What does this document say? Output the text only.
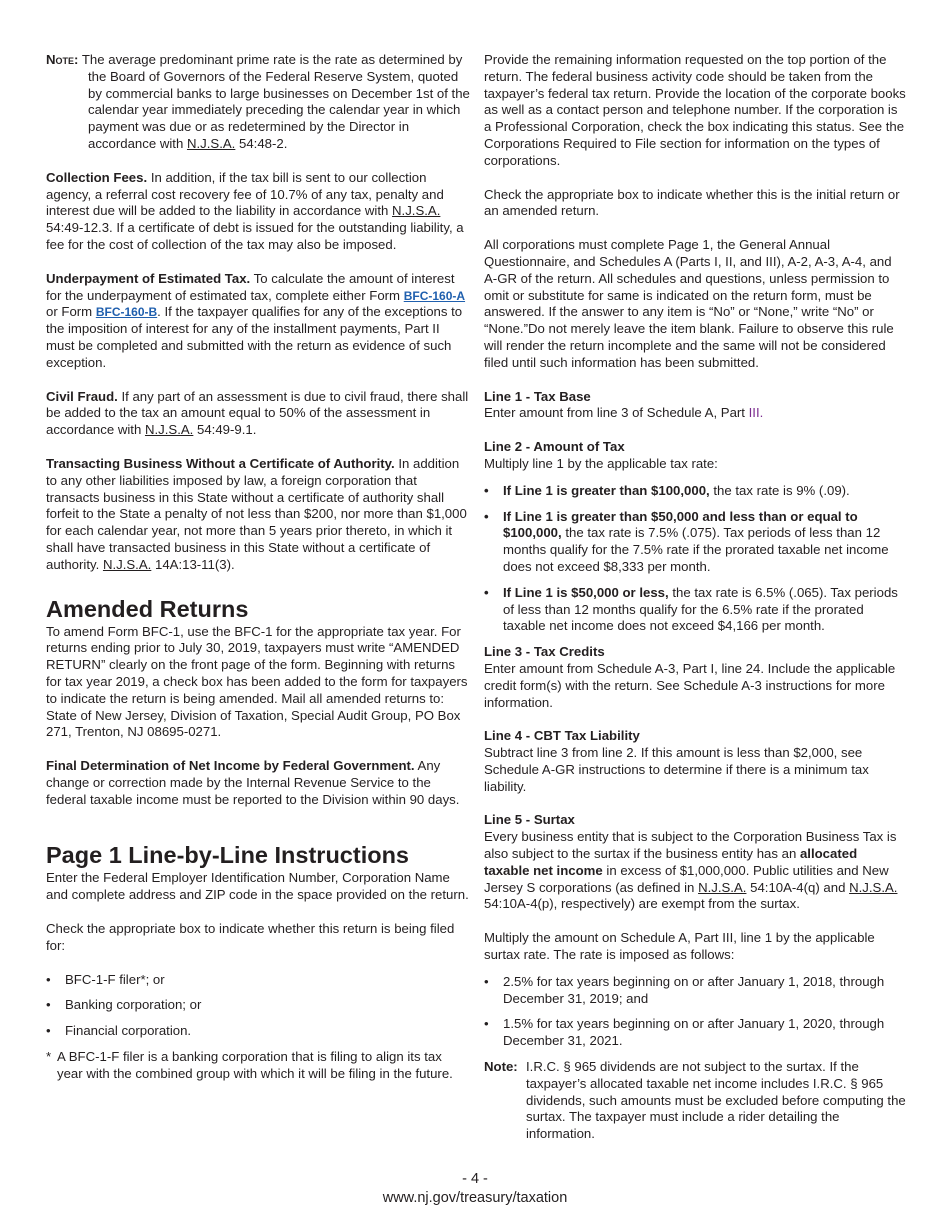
Note: The average predominant prime rate is the rate as determined by the Board of Governors of the Federal Reserve System, quoted by commercial banks to large businesses on December 1st of the calendar year immediately preceding the calendar year in which payment was due or as redetermined by the Director in accordance with N.J.S.A. 54:48-2.

Collection Fees. In addition, if the tax bill is sent to our collection agency, a referral cost recovery fee of 10.7% of any tax, penalty and interest due will be added to the liability in accordance with N.J.S.A. 54:49-12.3. If a certificate of debt is issued for the outstanding liability, a fee for the cost of collection of the tax may also be imposed.

Underpayment of Estimated Tax. To calculate the amount of interest for the underpayment of estimated tax, complete either Form BFC-160-A or Form BFC-160-B. If the taxpayer qualifies for any of the exceptions to the imposition of interest for any of the installment payments, Part II must be completed and submitted with the return as evidence of such exception.

Civil Fraud. If any part of an assessment is due to civil fraud, there shall be added to the tax an amount equal to 50% of the assessment in accordance with N.J.S.A. 54:49-9.1.

Transacting Business Without a Certificate of Authority. In addition to any other liabilities imposed by law, a foreign corporation that transacts business in this State without a certificate of authority shall forfeit to the State a penalty of not less than $200, nor more than $1,000 for each calendar year, not more than 5 years prior thereto, in which it shall have transacted business in this State without a certificate of authority. N.J.S.A. 14A:13-11(3).

Amended Returns

To amend Form BFC-1, use the BFC-1 for the appropriate tax year. For returns ending prior to July 30, 2019, taxpayers must write “AMENDED RETURN” clearly on the front page of the form. Beginning with returns for tax year 2019, a check box has been added to the form for taxpayers to indicate the return is being amended. Mail all amended returns to: State of New Jersey, Division of Taxation, Special Audit Group, PO Box 271, Trenton, NJ 08695-0271.

Final Determination of Net Income by Federal Government. Any change or correction made by the Internal Revenue Service to the federal taxable income must be reported to the Division within 90 days.

Page 1 Line-by-Line Instructions

Enter the Federal Employer Identification Number, Corporation Name and complete address and ZIP code in the space provided on the return.

Check the appropriate box to indicate whether this return is being filed for:

• BFC-1-F filer*; or
• Banking corporation; or
• Financial corporation.
* A BFC-1-F filer is a banking corporation that is filing to align its tax year with the combined group with which it will be filing in the future.

Provide the remaining information requested on the top portion of the return. The federal business activity code should be taken from the taxpayer’s federal tax return. Provide the location of the corporate books as well as a contact person and telephone number. If the corporation is a Professional Corporation, check the box indicating this status. See the Corporations Required to File section for information on the types of corporations.

Check the appropriate box to indicate whether this is the initial return or an amended return.

All corporations must complete Page 1, the General Annual Questionnaire, and Schedules A (Parts I, II, and III), A-2, A-3, A-4, and A-GR of the return. All schedules and questions, unless permission to omit or substitute for same is indicated on the return form, must be answered. If the answer to any item is “No” or “None,” write “No” or “None.”Do not merely leave the item blank. Failure to observe this rule will render the return incomplete and the same will not be considered filed until such information has been submitted.

Line 1 - Tax Base

Enter amount from line 3 of Schedule A, Part III.

Line 2 - Amount of Tax

Multiply line 1 by the applicable tax rate:

• If Line 1 is greater than $100,000, the tax rate is 9% (.09).
• If Line 1 is greater than $50,000 and less than or equal to $100,000, the tax rate is 7.5% (.075). Tax periods of less than 12 months qualify for the 7.5% rate if the prorated taxable net income does not exceed $8,333 per month.
• If Line 1 is $50,000 or less, the tax rate is 6.5% (.065). Tax periods of less than 12 months qualify for the 6.5% rate if the prorated taxable net income does not exceed $4,166 per month.
Line 3 - Tax Credits

Enter amount from Schedule A-3, Part I, line 24. Include the applicable credit form(s) with the return. See Schedule A-3 instructions for more information.

Line 4 - CBT Tax Liability

Subtract line 3 from line 2. If this amount is less than $2,000, see Schedule A-GR instructions to determine if there is a minimum tax liability.

Line 5 - Surtax

Every business entity that is subject to the Corporation Business Tax is also subject to the surtax if the business entity has an allocated taxable net income in excess of $1,000,000. Public utilities and New Jersey S corporations (as defined in N.J.S.A. 54:10A-4(q) and N.J.S.A. 54:10A-4(p), respectively) are exempt from the surtax.

Multiply the amount on Schedule A, Part III, line 1 by the applicable surtax rate. The rate is imposed as follows:

• 2.5% for tax years beginning on or after January 1, 2018, through December 31, 2019; and
• 1.5% for tax years beginning on or after January 1, 2020, through December 31, 2021.
Note: I.R.C. § 965 dividends are not subject to the surtax. If the taxpayer’s allocated taxable net income includes I.R.C. § 965 dividends, such amounts must be excluded before computing the surtax. The taxpayer must include a rider detailing the information.
- 4 -
www.nj.gov/treasury/taxation
